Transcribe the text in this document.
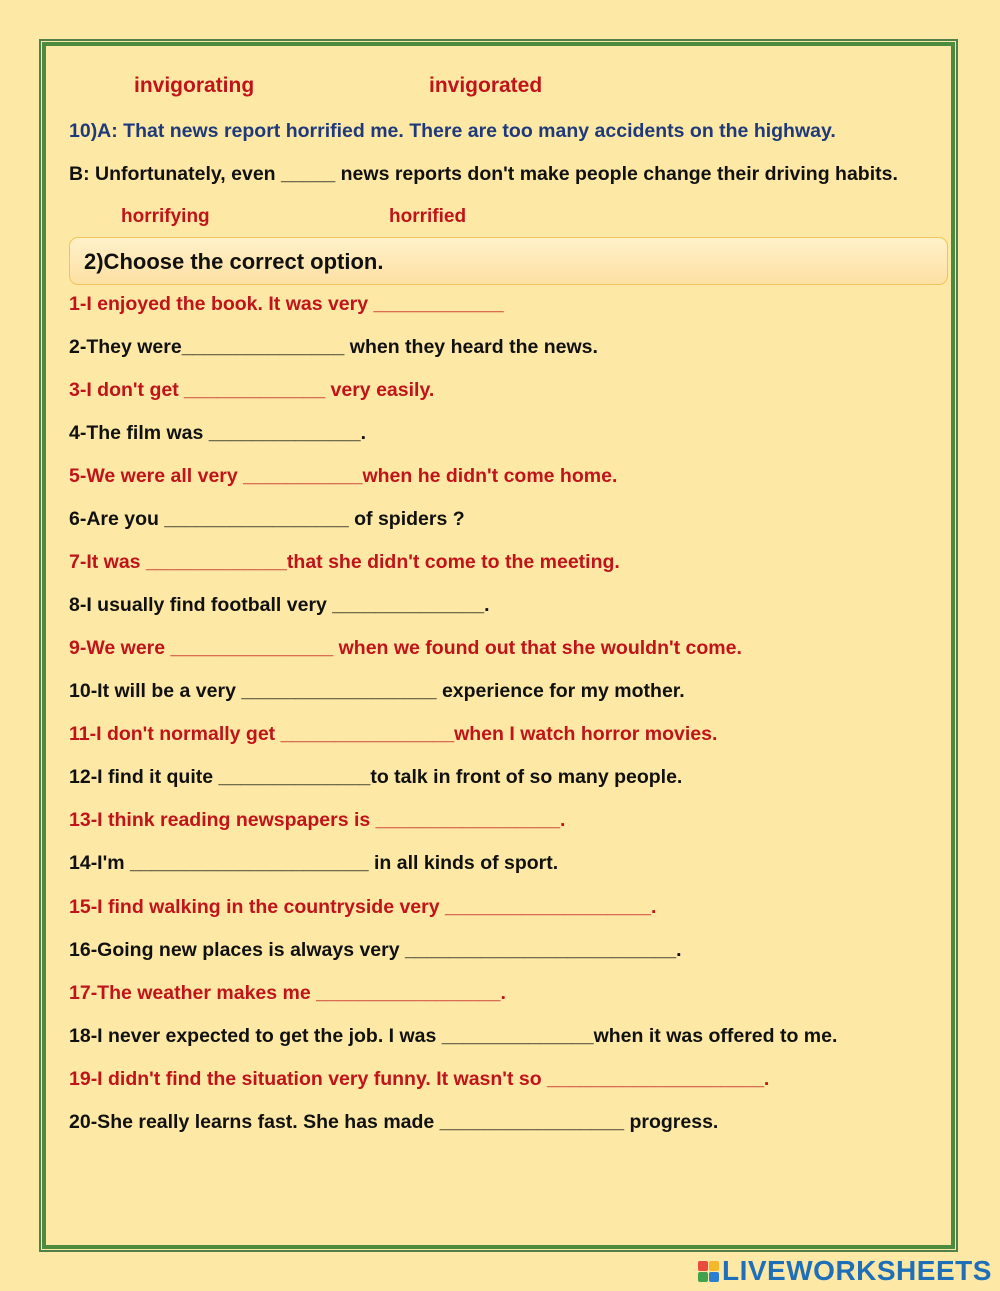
invigorating	invigorated
10)A: That news report horrified me. There are too many accidents on the highway.
B: Unfortunately, even _____ news reports don't make people change their driving habits.
horrifying	horrified
2)Choose the correct option.
1-I enjoyed the book. It was very ____________
2-They were_______________ when they heard the news.
3-I don't get _____________ very easily.
4-The film was ______________.
5-We were all very ___________when he didn't come home.
6-Are you _________________ of spiders ?
7-It was _____________that she didn't come to the meeting.
8-I usually find football very ______________.
9-We were _______________ when we found out that she wouldn't come.
10-It will be a very __________________ experience for my mother.
11-I don't normally get ________________when I watch horror movies.
12-I find it quite ______________to talk in front of so many people.
13-I think reading newspapers is _________________.
14-I'm ______________________ in all kinds of sport.
15-I find walking in the countryside very ___________________.
16-Going new places is always very _________________________.
17-The weather makes me _________________.
18-I never expected to get the job. I was ______________when it was offered to me.
19-I didn't find the situation very funny. It wasn't so ____________________.
20-She really learns fast. She has made _________________ progress.
LIVEWORKSHEETS
